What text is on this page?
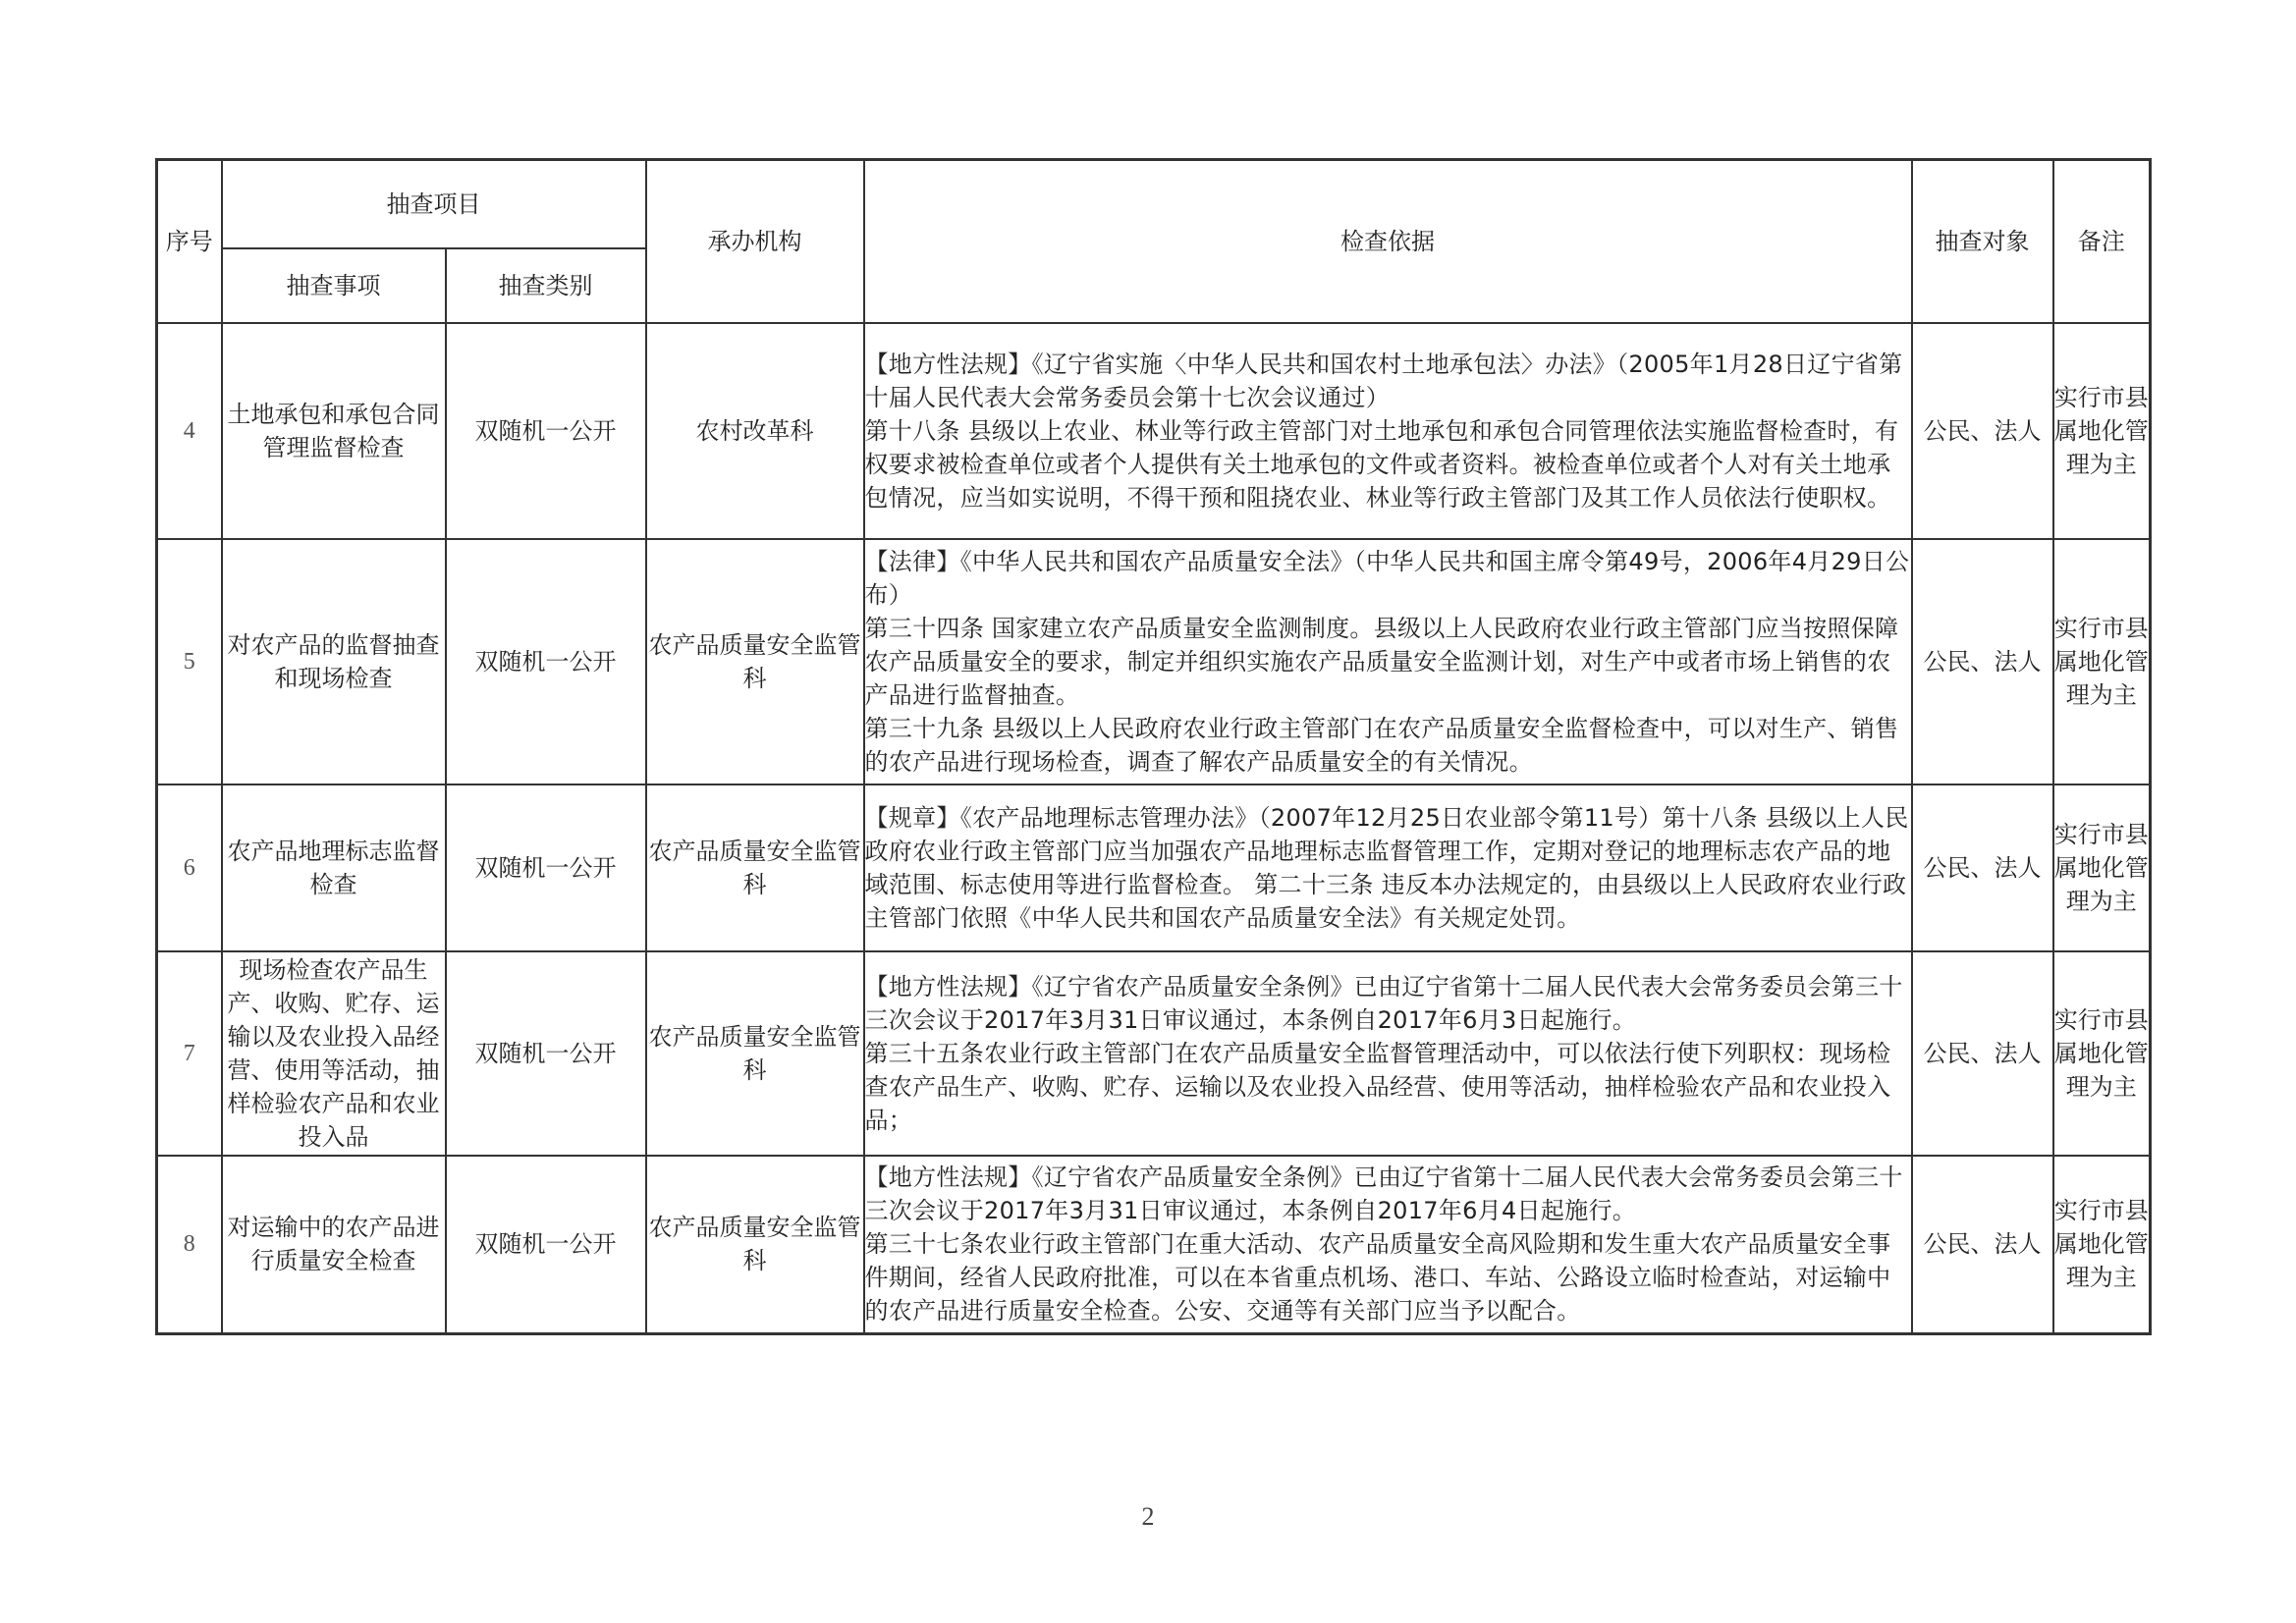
序号	抽查项目		承办机构	检查依据	抽查对象	备注
	抽查事项	抽查类别				
4	土地承包和承包合同管理监督检查	双随机一公开	农村改革科	【地方性法规】《辽宁省实施〈中华人民共和国农村土地承包法〉办法》（2005年1月28日辽宁省第十届人民代表大会常务委员会第十七次会议通过）
第十八条 县级以上农业、林业等行政主管部门对土地承包和承包合同管理依法实施监督检查时，有权要求被检查单位或者个人提供有关土地承包的文件或者资料。被检查单位或者个人对有关土地承包情况，应当如实说明，不得干预和阻挠农业、林业等行政主管部门及其工作人员依法行使职权。	公民、法人	实行市县属地化管理为主
5	对农产品的监督抽查和现场检查	双随机一公开	农产品质量安全监管科	【法律】《中华人民共和国农产品质量安全法》（中华人民共和国主席令第49号，2006年4月29日公布）
第三十四条 国家建立农产品质量安全监测制度。县级以上人民政府农业行政主管部门应当按照保障农产品质量安全的要求，制定并组织实施农产品质量安全监测计划，对生产中或者市场上销售的农产品进行监督抽查。
第三十九条 县级以上人民政府农业行政主管部门在农产品质量安全监督检查中，可以对生产、销售的农产品进行现场检查，调查了解农产品质量安全的有关情况。	公民、法人	实行市县属地化管理为主
6	农产品地理标志监督检查	双随机一公开	农产品质量安全监管科	【规章】《农产品地理标志管理办法》（2007年12月25日农业部令第11号）第十八条 县级以上人民政府农业行政主管部门应当加强农产品地理标志监督管理工作，定期对登记的地理标志农产品的地域范围、标志使用等进行监督检查。 第二十三条 违反本办法规定的，由县级以上人民政府农业行政主管部门依照《中华人民共和国农产品质量安全法》有关规定处罚。	公民、法人	实行市县属地化管理为主
7	现场检查农产品生产、收购、贮存、运输以及农业投入品经营、使用等活动，抽样检验农产品和农业投入品	双随机一公开	农产品质量安全监管科	【地方性法规】《辽宁省农产品质量安全条例》已由辽宁省第十二届人民代表大会常务委员会第三十三次会议于2017年3月31日审议通过，本条例自2017年6月3日起施行。
第三十五条农业行政主管部门在农产品质量安全监督管理活动中，可以依法行使下列职权：现场检查农产品生产、收购、贮存、运输以及农业投入品经营、使用等活动，抽样检验农产品和农业投入品；	公民、法人	实行市县属地化管理为主
8	对运输中的农产品进行质量安全检查	双随机一公开	农产品质量安全监管科	【地方性法规】《辽宁省农产品质量安全条例》已由辽宁省第十二届人民代表大会常务委员会第三十三次会议于2017年3月31日审议通过，本条例自2017年6月4日起施行。
第三十七条农业行政主管部门在重大活动、农产品质量安全高风险期和发生重大农产品质量安全事件期间，经省人民政府批准，可以在本省重点机场、港口、车站、公路设立临时检查站，对运输中的农产品进行质量安全检查。公安、交通等有关部门应当予以配合。	公民、法人	实行市县属地化管理为主
2
